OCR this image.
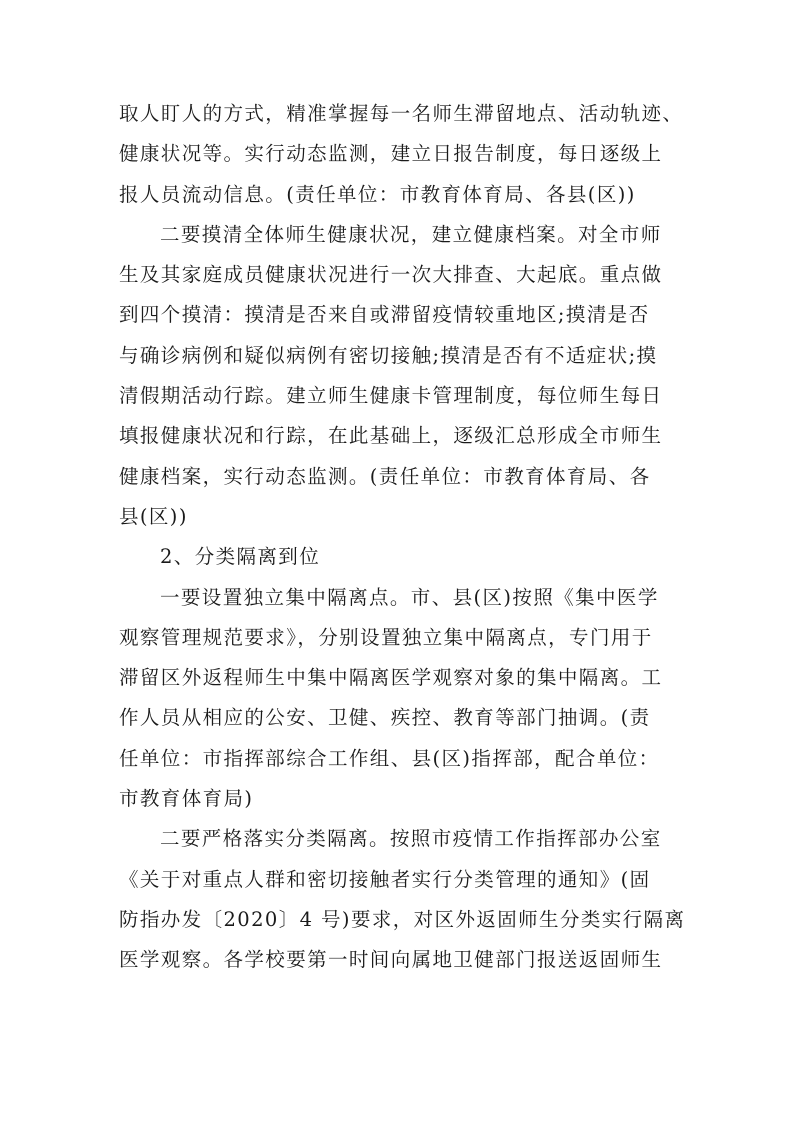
取人盯人的方式，精准掌握每一名师生滞留地点、活动轨迹、
健康状况等。实行动态监测，建立日报告制度，每日逐级上
报人员流动信息。(责任单位：市教育体育局、各县(区))
二要摸清全体师生健康状况，建立健康档案。对全市师
生及其家庭成员健康状况进行一次大排查、大起底。重点做
到四个摸清：摸清是否来自或滞留疫情较重地区;摸清是否
与确诊病例和疑似病例有密切接触;摸清是否有不适症状;摸
清假期活动行踪。建立师生健康卡管理制度，每位师生每日
填报健康状况和行踪，在此基础上，逐级汇总形成全市师生
健康档案，实行动态监测。(责任单位：市教育体育局、各
县(区))
2、分类隔离到位
一要设置独立集中隔离点。市、县(区)按照《集中医学
观察管理规范要求》，分别设置独立集中隔离点，专门用于
滞留区外返程师生中集中隔离医学观察对象的集中隔离。工
作人员从相应的公安、卫健、疾控、教育等部门抽调。(责
任单位：市指挥部综合工作组、县(区)指挥部，配合单位：
市教育体育局)
二要严格落实分类隔离。按照市疫情工作指挥部办公室
《关于对重点人群和密切接触者实行分类管理的通知》(固
防指办发〔2020〕4 号)要求，对区外返固师生分类实行隔离
医学观察。各学校要第一时间向属地卫健部门报送返固师生
